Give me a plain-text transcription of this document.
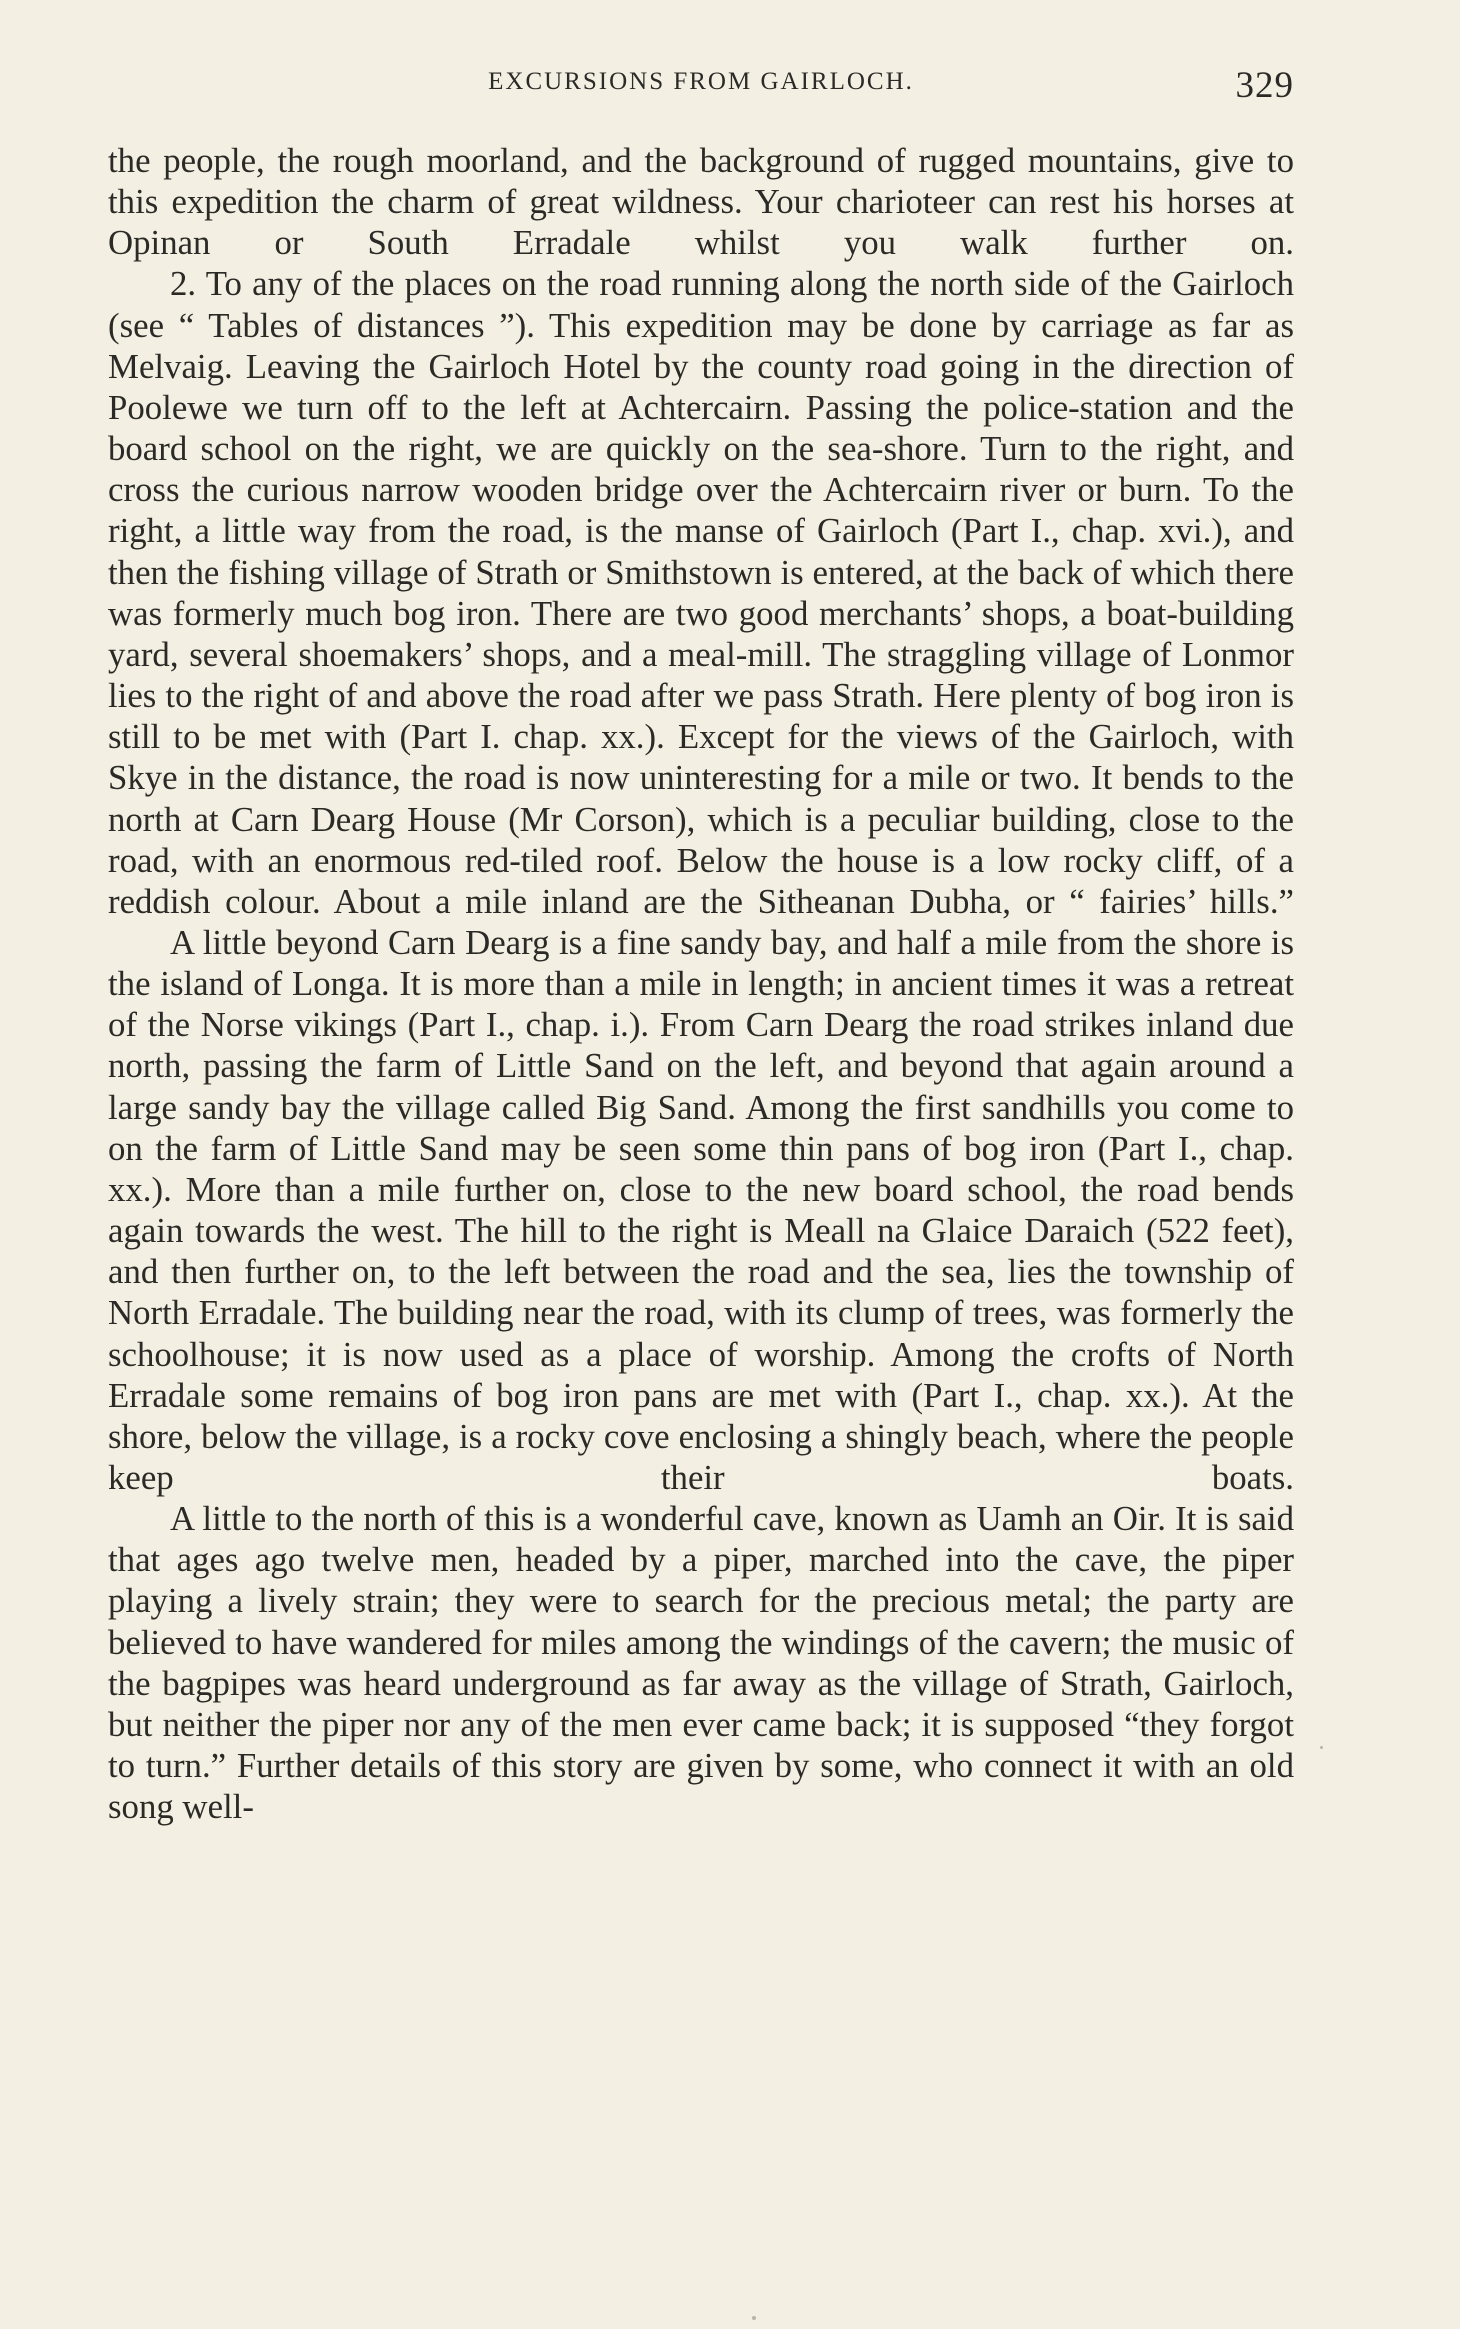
EXCURSIONS FROM GAIRLOCH.	329

the people, the rough moorland, and the background of rugged mountains, give to this expedition the charm of great wildness. Your charioteer can rest his horses at Opinan or South Erradale whilst you walk further on.

2. To any of the places on the road running along the north side of the Gairloch (see “ Tables of distances ”). This expedition may be done by carriage as far as Melvaig. Leaving the Gairloch Hotel by the county road going in the direction of Poolewe we turn off to the left at Achtercairn. Passing the police-station and the board school on the right, we are quickly on the sea-shore. Turn to the right, and cross the curious narrow wooden bridge over the Achtercairn river or burn. To the right, a little way from the road, is the manse of Gairloch (Part I., chap. xvi.), and then the fishing village of Strath or Smithstown is entered, at the back of which there was formerly much bog iron. There are two good merchants’ shops, a boat-building yard, several shoemakers’ shops, and a meal-mill. The straggling village of Lonmor lies to the right of and above the road after we pass Strath. Here plenty of bog iron is still to be met with (Part I. chap. xx.). Except for the views of the Gairloch, with Skye in the distance, the road is now uninteresting for a mile or two. It bends to the north at Carn Dearg House (Mr Corson), which is a peculiar building, close to the road, with an enormous red-tiled roof. Below the house is a low rocky cliff, of a reddish colour. About a mile inland are the Sitheanan Dubha, or “ fairies’ hills.”

A little beyond Carn Dearg is a fine sandy bay, and half a mile from the shore is the island of Longa. It is more than a mile in length; in ancient times it was a retreat of the Norse vikings (Part I., chap. i.). From Carn Dearg the road strikes inland due north, passing the farm of Little Sand on the left, and beyond that again around a large sandy bay the village called Big Sand. Among the first sandhills you come to on the farm of Little Sand may be seen some thin pans of bog iron (Part I., chap. xx.). More than a mile further on, close to the new board school, the road bends again towards the west. The hill to the right is Meall na Glaice Daraich (522 feet), and then further on, to the left between the road and the sea, lies the township of North Erradale. The building near the road, with its clump of trees, was formerly the schoolhouse; it is now used as a place of worship. Among the crofts of North Erradale some remains of bog iron pans are met with (Part I., chap. xx.). At the shore, below the village, is a rocky cove enclosing a shingly beach, where the people keep their boats.

A little to the north of this is a wonderful cave, known as Uamh an Oir. It is said that ages ago twelve men, headed by a piper, marched into the cave, the piper playing a lively strain; they were to search for the precious metal; the party are believed to have wandered for miles among the windings of the cavern; the music of the bagpipes was heard underground as far away as the village of Strath, Gairloch, but neither the piper nor any of the men ever came back; it is supposed “they forgot to turn.” Further details of this story are given by some, who connect it with an old song well-
